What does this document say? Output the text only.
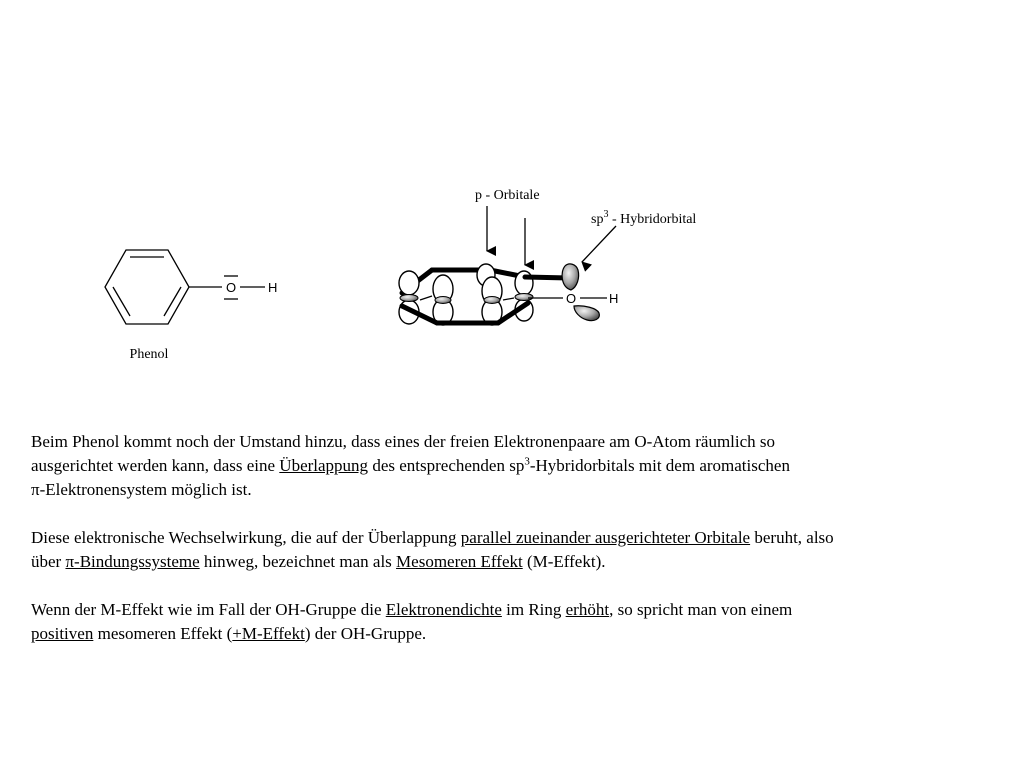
O H
Phenol
O	H
p - Orbitale
$sp^3$ - Hybridorbital

Beim Phenol kommt noch der Umstand hinzu, dass eines der freien Elektronenpaare am O-Atom räumlich so
ausgerichtet werden kann, dass eine Überlappung des entsprechenden $sp^3$-Hybridorbitals mit dem aromatischen
π-Elektronensystem möglich ist.

Diese elektronische Wechselwirkung, die auf der Überlappung parallel zueinander ausgerichteter Orbitale beruht, also
über π-Bindungssysteme hinweg, bezeichnet man als Mesomeren Effekt (M-Effekt).

Wenn der M-Effekt wie im Fall der OH-Gruppe die Elektronendichte im Ring erhöht, so spricht man von einem
positiven mesomeren Effekt (+M-Effekt) der OH-Gruppe.
